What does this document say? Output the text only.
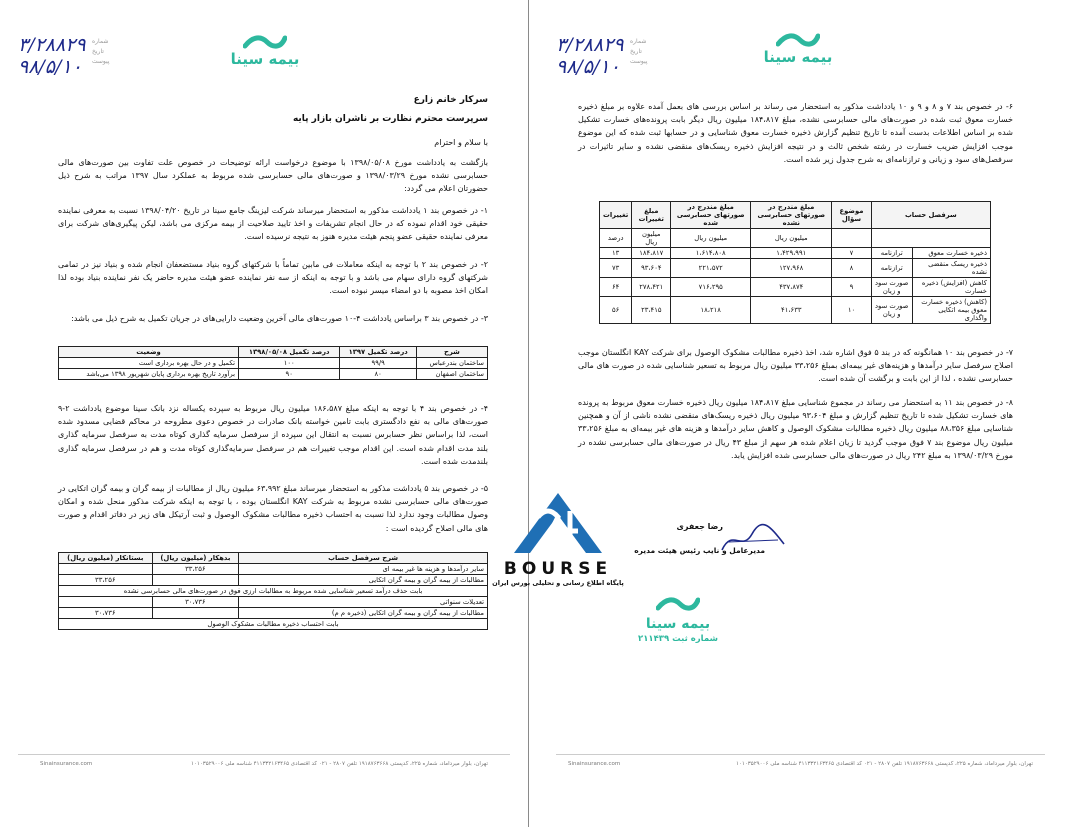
۳/۲۸۸۲۹
۹۸/۵/۱۰
شماره
تاریخ
پیوست	بیمه سینا
سرکار خانم زارع
سرپرست محترم نظارت بر ناشران بازار پایه
با سلام و احترام
بازگشت به یادداشت مورخ ۱۳۹۸/۰۵/۰۸ با موضوع درخواست ارائه توضیحات در خصوص علت تفاوت بین صورت‌های مالی حسابرسی نشده مورخ ۱۳۹۸/۰۳/۲۹ و صورت‌های مالی حسابرسی شده مربوط به عملکرد سال ۱۳۹۷ مراتب به شرح ذیل حضورتان اعلام می گردد:
۱- در خصوص بند ۱ یادداشت مذکور به استحضار میرساند شرکت لیزینگ جامع سینا در تاریخ ۱۳۹۸/۰۴/۲۰ نسبت به معرفی نماینده حقیقی خود اقدام نموده که در حال انجام تشریفات و اخذ تایید صلاحیت از بیمه مرکزی می باشد، لیکن پیگیری‌های شرکت برای معرفی نماینده حقیقی عضو پنجم هیئت مدیره هنوز به نتیجه نرسیده است.
۲- در خصوص بند ۲ با توجه به اینکه معاملات فی مابین تماماً با شرکتهای گروه بنیاد مستضعفان انجام شده و بنیاد نیز در تمامی شرکتهای گروه دارای سهام می باشد و با توجه به اینکه از سه نفر نماینده عضو هیئت مدیره حاضر یک نفر نماینده بنیاد بوده لذا امکان اخذ مصوبه با دو امضاء میسر نبوده است.
۳- در خصوص بند ۳ براساس یادداشت ۴-۱۰ صورت‌های مالی آخرین وضعیت دارایی‌های در جریان تکمیل به شرح ذیل می باشد:
شرح	درصد تکمیل ۱۳۹۷	درصد تکمیل ۱۳۹۸/۰۵/۰۸	وضعیت
ساختمان بندرعباس	۹۹/۹	۱۰۰	تکمیل و در حال بهره برداری است
ساختمان اصفهان	۸۰	۹۰	برآورد تاریخ بهره برداری پایان شهریور ۱۳۹۸ می‌باشد
۴- در خصوص بند ۴ با توجه به اینکه مبلغ ۱۸۶،۵۸۷ میلیون ریال مربوط به سپرده یکساله نزد بانک سینا موضوع یادداشت ۲-۹ صورت‌های مالی به نفع دادگستری بابت تامین خواسته بانک صادرات در خصوص دعوی مطروحه در محاکم قضایی مسدود شده است، لذا براساس نظر حسابرس نسبت به انتقال این سپرده از سرفصل سرمایه گذاری کوتاه مدت به سرفصل سرمایه گذاری بلند مدت اقدام شده است. این اقدام موجب تغییرات هم در سرفصل سرمایه‌گذاری کوتاه مدت و هم در سرفصل سرمایه گذاری بلندمدت شده است.
۵- در خصوص بند ۵ یادداشت مذکور به استحضار میرساند مبلغ ۶۳،۹۹۲ میلیون ریال از مطالبات از بیمه گران و بیمه گران اتکایی در صورت‌های مالی حسابرسی نشده مربوط به شرکت KAY انگلستان بوده ، با توجه به اینکه شرکت مذکور منحل شده و امکان وصول مطالبات وجود ندارد لذا نسبت به احتساب ذخیره مطالبات مشکوک الوصول و ثبت آرتیکل های زیر در دفاتر اقدام و صورت های مالی اصلاح گردیده است :
شرح سرفصل حساب	بدهکار (میلیون ریال)	بستانکار (میلیون ریال)
سایر درآمدها و هزینه ها غیر بیمه ای	۳۳،۲۵۶	
مطالبات از بیمه گران و بیمه گران اتکایی		۳۳،۲۵۶
بابت حذف درآمد تسعیر شناسایی شده مربوط به مطالبات ارزی فوق در صورت‌های مالی حسابرسی نشده		
تعدیلات سنواتی	۳۰،۷۳۶	
مطالبات از بیمه گران و بیمه گران اتکایی (ذخیره م م)		۳۰،۷۳۶
بابت احتساب ذخیره مطالبات مشکوک الوصول		
تهران، بلوار میرداماد، شماره ۲۲۵، کدپستی ۱۹۱۸۷۶۳۶۶۸ تلفن ۲۸۰۷ - ۰۲۱ کد اقتصادی ۴۱۱۳۳۲۱۶۳۴۶۵ شناسه ملی ۱۰۱۰۳۵۲۹۰۰۶
Sinainsurance.com
۳/۲۸۸۲۹
۹۸/۵/۱۰
شماره
تاریخ
پیوست	بیمه سینا
۶- در خصوص بند ۷ و ۸ و ۹ و ۱۰ یادداشت مذکور به استحضار می رساند بر اساس بررسی های بعمل آمده علاوه بر مبلغ ذخیره خسارت معوق ثبت شده در صورت‌های مالی حسابرسی نشده، مبلغ ۱۸۴،۸۱۷ میلیون ریال دیگر بابت پرونده‌های خسارت تشکیل شده بر اساس اطلاعات بدست آمده تا تاریخ تنظیم گزارش ذخیره خسارت معوق شناسایی و در حسابها ثبت شده که این موضوع موجب افزایش ضریب خسارت در رشته شخص ثالث و در نتیجه افزایش ذخیره ریسک‌های منقضی نشده و سایر تاثیرات در سرفصل‌های سود و زیانی و ترازنامه‌ای به شرح جدول زیر شده است.
سرفصل حساب		موضوع سؤال	مبلغ مندرج در صورتهای حسابرسی نشده	مبلغ مندرج در صورتهای حسابرسی شده	مبلغ تغییرات	تغییرات
			میلیون ریال	میلیون ریال	میلیون ریال	درصد
ذخیره خسارت معوق	ترازنامه	۷	۱،۴۲۹،۹۹۱	۱،۶۱۴،۸۰۸	۱۸۴،۸۱۷	۱۳
ذخیره ریسک منقضی نشده	ترازنامه	۸	۱۲۷،۹۶۸	۲۲۱،۵۷۲	۹۳،۶۰۴	۷۳
کاهش (افزایش) ذخیره خسارت	صورت سود و زیان	۹	۴۳۷،۸۷۴	۷۱۶،۲۹۵	۲۷۸،۴۲۱	۶۴
(کاهش) ذخیره خسارت معوق بیمه اتکایی واگذاری	صورت سود و زیان	۱۰	۴۱،۶۳۳	۱۸،۲۱۸	۲۳،۴۱۵	۵۶
۷- در خصوص بند ۱۰ همانگونه که در بند ۵ فوق اشاره شد، اخذ ذخیره مطالبات مشکوک الوصول برای شرکت KAY انگلستان موجب اصلاح سرفصل سایر درآمدها و هزینه‌های غیر بیمه‌ای بمبلغ ۳۳،۲۵۶ میلیون ریال مربوط به تسعیر شناسایی شده در صورت های مالی حسابرسی نشده ، لذا از این بابت و برگشت آن شده است.
۸- در خصوص بند ۱۱ به استحضار می رساند در مجموع شناسایی مبلغ ۱۸۴،۸۱۷ میلیون ریال ذخیره خسارت معوق مربوط به پرونده های خسارت تشکیل شده تا تاریخ تنظیم گزارش و مبلغ ۹۳،۶۰۴ میلیون ریال ذخیره ریسک‌های منقضی نشده ناشی از آن و همچنین شناسایی مبلغ ۸۸،۳۵۶ میلیون ریال ذخیره مطالبات مشکوک الوصول و کاهش سایر درآمدها و هزینه های غیر بیمه‌ای به مبلغ ۳۳،۲۵۶ میلیون ریال موضوع بند ۷ فوق موجب گردید تا زیان اعلام شده هر سهم از مبلغ ۴۳ ریال در صورت‌های مالی حسابرسی نشده در مورخ ۱۳۹۸/۰۳/۲۹ به مبلغ ۲۴۲ ریال در صورت‌های مالی حسابرسی شده افزایش یابد.
رضا جعفری
مدیرعامل و نایب رئیس هیئت مدیره
بیمه سینا
شماره ثبت ۲۱۱۴۳۹
تهران، بلوار میرداماد، شماره ۲۲۵، کدپستی ۱۹۱۸۷۶۳۶۶۸ تلفن ۲۸۰۷ - ۰۲۱ کد اقتصادی ۴۱۱۳۳۲۱۶۳۴۶۵ شناسه ملی ۱۰۱۰۳۵۲۹۰۰۶
Sinainsurance.com
BOURSE
پایگاه اطلاع رسانی و تحلیلی بورس ایران
